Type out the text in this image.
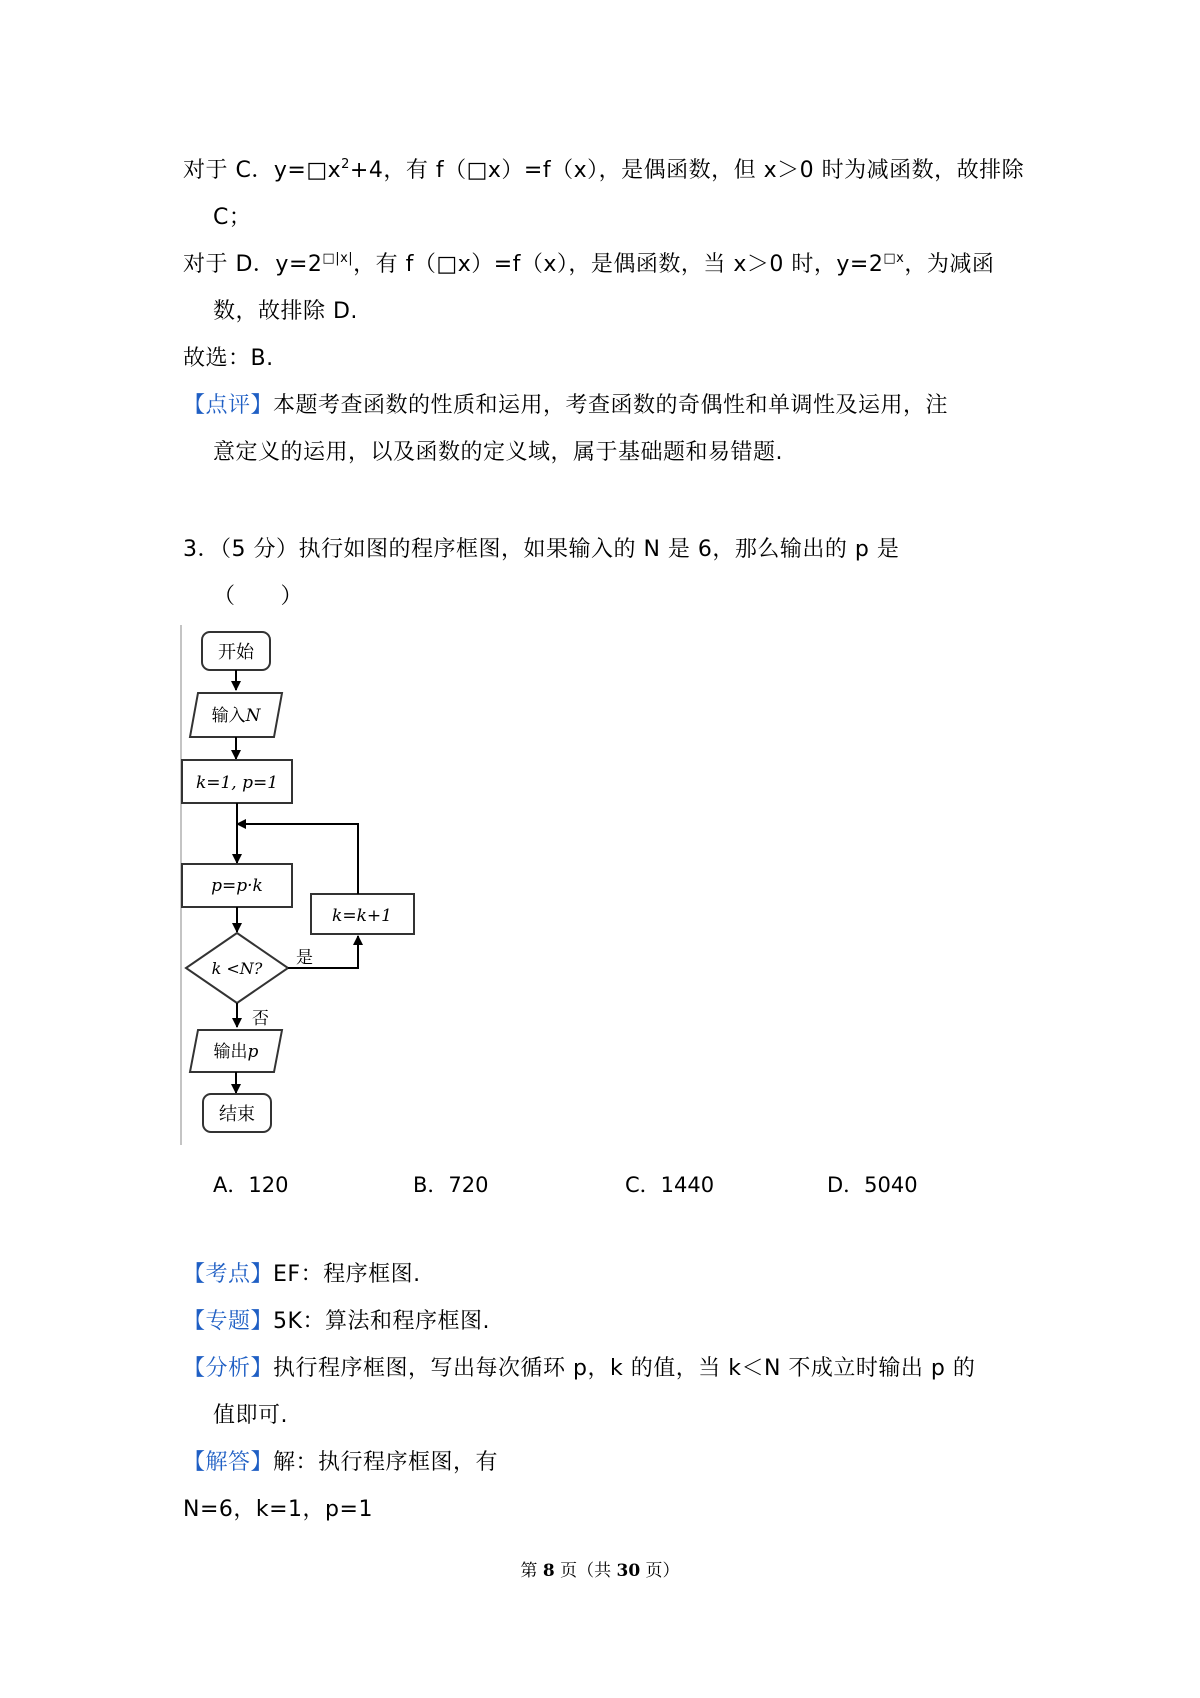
对于 C．$y=□x^2+4$，有 f（□x）=f（x），是偶函数，但 x＞0 时为减函数，故排除
C；
对于 D．$y=2^{□|x|}$，有 f（□x）=f（x），是偶函数，当 x＞0 时，$y=2^{□x}$，为减函
数，故排除 D.
故选：B.
【点评】本题考查函数的性质和运用，考查函数的奇偶性和单调性及运用，注
意定义的运用，以及函数的定义域，属于基础题和易错题.
3．（5 分）执行如图的程序框图，如果输入的 N 是 6，那么输出的 p 是
（　　）
开始
输入N
k=1, p=1
p=p·k
k <N?
是
k=k+1
否
输出p
结束
A．120	B．720	C．1440	D．5040
【考点】EF：程序框图.
【专题】5K：算法和程序框图.
【分析】执行程序框图，写出每次循环 p，k 的值，当 k＜N 不成立时输出 p 的
值即可.
【解答】解：执行程序框图，有
N=6，k=1，p=1
第 8 页（共 30 页）
